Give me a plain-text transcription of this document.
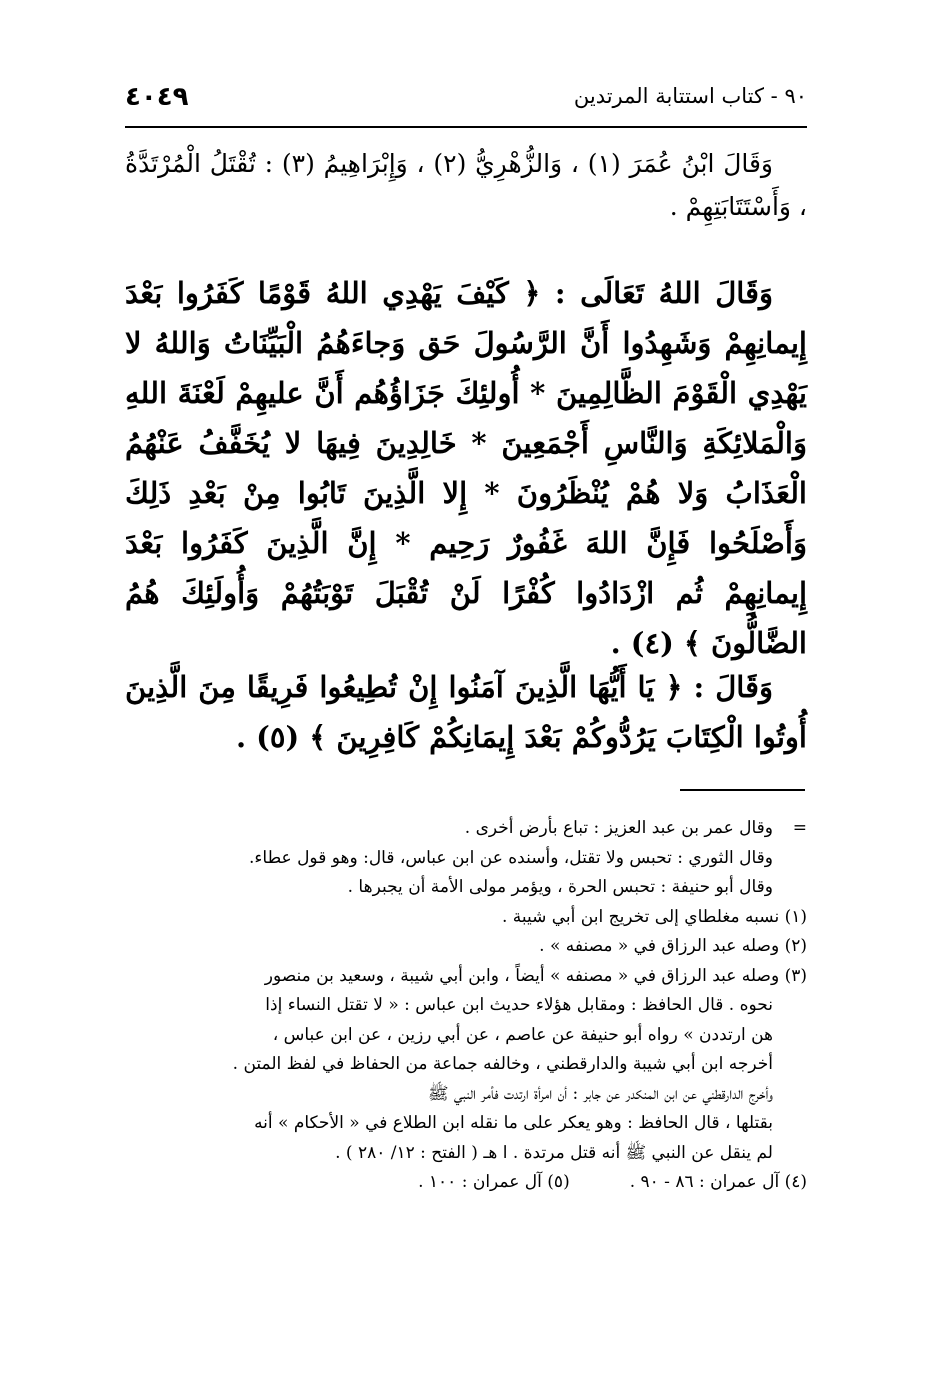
٩٠ - كتاب استتابة المرتدين
٤٠٤٩
وَقَالَ ابْنُ عُمَرَ (١) ، وَالزُّهْرِيُّ (٢) ، وَإِبْرَاهِيمُ (٣) : تُقْتَلُ الْمُرْتَدَّةُ ، وَأَسْتَتَابَتِهِمْ .
وَقَالَ اللهُ تَعَالَى : ﴿ كَيْفَ يَهْدِي اللهُ قَوْمًا كَفَرُوا بَعْدَ إِيمانِهِمْ وَشَهِدُوا أَنَّ الرَّسُولَ حَق وَجاءَهُمُ الْبَيِّنَاتُ وَاللهُ لا يَهْدِي الْقَوْمَ الظَّالِمِينَ * أُولئِكَ جَزَاؤُهُم أَنَّ عليهِمْ لَعْنَةَ اللهِ وَالْمَلائِكَةِ وَالنَّاسِ أَجْمَعِينَ * خَالِدِينَ فِيهَا لا يُخَفَّفُ عَنْهُمُ الْعَذَابُ وَلا هُمْ يُنْظَرُونَ * إِلا الَّذِينَ تَابُوا مِنْ بَعْدِ ذَلِكَ وَأَصْلَحُوا فَإِنَّ اللهَ غَفُورٌ رَحِيم * إِنَّ الَّذِينَ كَفَرُوا بَعْدَ إِيمانِهِمْ ثُم ازْدَادُوا كُفْرًا لَنْ تُقْبَلَ تَوْبَتُهُمْ وَأُولَئِكَ هُمُ الضَّالُّونَ ﴾ (٤) .
وَقَالَ : ﴿ يَا أَيُّهَا الَّذِينَ آمَنُوا إِنْ تُطِيعُوا فَرِيقًا مِنَ الَّذِينَ أُوتُوا الْكِتَابَ يَرُدُّوكُمْ بَعْدَ إِيمَانِكُمْ كَافِرِينَ ﴾ (٥) .
=وقال عمر بن عبد العزيز : تباع بأرض أخرى .
وقال الثوري : تحبس ولا تقتل، وأسنده عن ابن عباس، قال: وهو قول عطاء.
وقال أبو حنيفة : تحبس الحرة ، ويؤمر مولى الأمة أن يجبرها .
(١) نسبه مغلطاي إلى تخريج ابن أبي شيبة .
(٢) وصله عبد الرزاق في « مصنفه » .
(٣) وصله عبد الرزاق في « مصنفه » أيضاً ، وابن أبي شيبة ، وسعيد بن منصور
نحوه . قال الحافظ : ومقابل هؤلاء حديث ابن عباس : « لا تقتل النساء إذا
هن ارتددن » رواه أبو حنيفة عن عاصم ، عن أبي رزين ، عن ابن عباس ،
أخرجه ابن أبي شيبة والدارقطني ، وخالفه جماعة من الحفاظ في لفظ المتن .
وأخرج الدارقطني عن ابن المنكدر عن جابر : أن امرأة ارتدت فأمر النبي ﷺ
بقتلها ، قال الحافظ : وهو يعكر على ما نقله ابن الطلاع في « الأحكام » أنه
لم ينقل عن النبي ﷺ أنه قتل مرتدة . ا هـ ( الفتح : ١٢/ ٢٨٠ ) .
(٤) آل عمران : ٨٦ - ٩٠ .
(٥) آل عمران : ١٠٠ .
